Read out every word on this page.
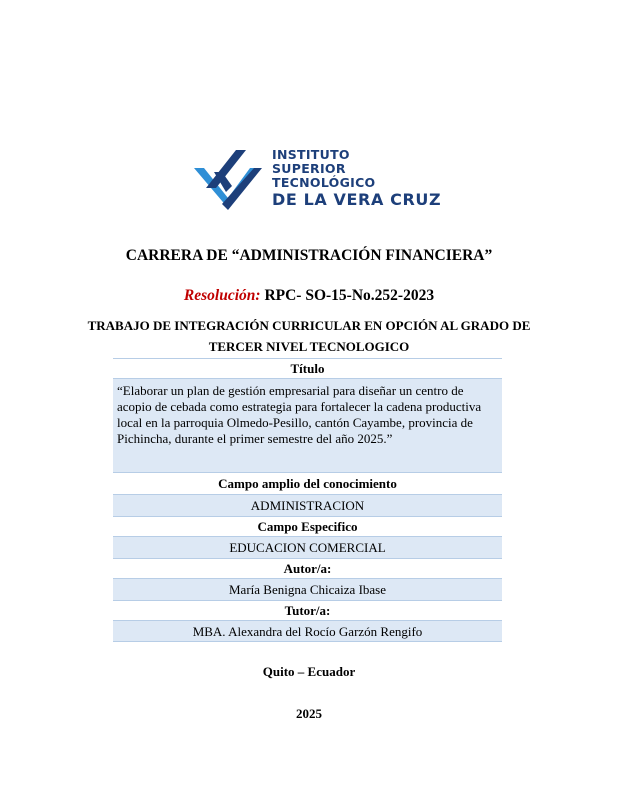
INSTITUTO
SUPERIOR
TECNOLÓGICO
DE LA VERA CRUZ
CARRERA DE “ADMINISTRACIÓN FINANCIERA”
Resolución: RPC- SO-15-No.252-2023
TRABAJO DE INTEGRACIÓN CURRICULAR EN OPCIÓN AL GRADO DE
TERCER NIVEL TECNOLOGICO
Título
“Elaborar un plan de gestión empresarial para diseñar un centro de acopio de cebada como estrategia para fortalecer la cadena productiva local en la parroquia Olmedo-Pesillo, cantón Cayambe, provincia de Pichincha, durante el primer semestre del año 2025.”
Campo amplio del conocimiento
ADMINISTRACION
Campo Especifico
EDUCACION COMERCIAL
Autor/a:
María Benigna Chicaiza Ibase
Tutor/a:
MBA. Alexandra del Rocío Garzón Rengifo
Quito – Ecuador
2025
